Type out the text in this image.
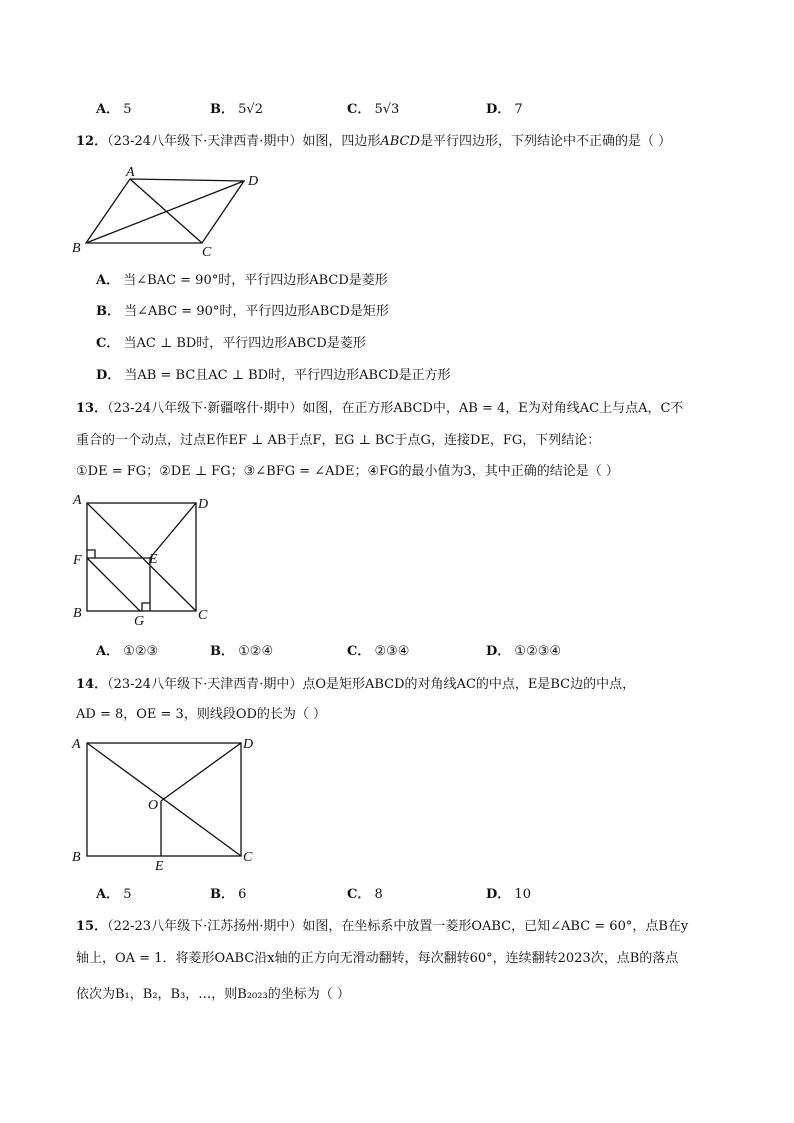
A． 5	B． 5√2	C． 5√3	D． 7
12．（23-24八年级下·天津西青·期中）如图，四边形ABCD是平行四边形，下列结论中不正确的是（ ）
A
D
B	C
A． 当∠BAC = 90°时，平行四边形ABCD是菱形
B． 当∠ABC = 90°时，平行四边形ABCD是矩形
C． 当AC ⊥ BD时，平行四边形ABCD是菱形
D． 当AB = BC且AC ⊥ BD时，平行四边形ABCD是正方形
13．（23-24八年级下·新疆喀什·期中）如图，在正方形ABCD中，AB = 4，E为对角线AC上与点A，C不
重合的一个动点，过点E作EF ⊥ AB于点F，EG ⊥ BC于点G，连接DE，FG，下列结论：
①DE = FG；②DE ⊥ FG；③∠BFG = ∠ADE；④FG的最小值为3，其中正确的结论是（ ）
A	D
F	E
B
G	C
A． ①②③	B． ①②④	C． ②③④	D． ①②③④
14．（23-24八年级下·天津西青·期中）点O是矩形ABCD的对角线AC的中点，E是BC边的中点，
AD = 8，OE = 3，则线段OD的长为（ ）
A	D
O
B
E
C
A． 5	B． 6	C． 8	D． 10
15．（22-23八年级下·江苏扬州·期中）如图，在坐标系中放置一菱形OABC，已知∠ABC = 60°，点B在y
轴上，OA = 1．将菱形OABC沿x轴的正方向无滑动翻转，每次翻转60°，连续翻转2023次，点B的落点
依次为B₁，B₂，B₃，…，则B₂₀₂₃的坐标为（ ）
